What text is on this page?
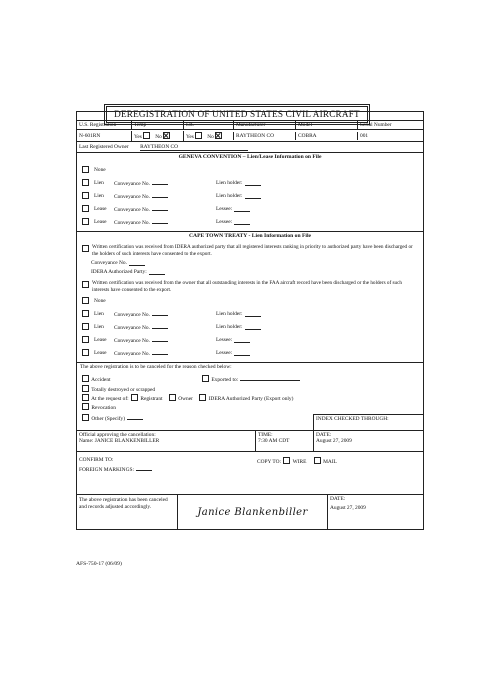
DEREGISTRATION OF UNITED STATES CIVIL AIRCRAFT
U.S. Registration	Temp	I.R.	Manufacturer	Model	Serial Number
N-601RN	Yes No	Yes No	RAYTHEON CO	COBRA	001
Last Registered Owner RAYTHEON CO
GENEVA CONVENTION – Lien/Lease Information on File
None
Lien	Conveyance No.	Lien holder:
Lien	Conveyance No.	Lien holder:
Lease	Conveyance No.	Lessee:
Lease	Conveyance No.	Lessee:
CAPE TOWN TREATY - Lien Information on File
Written certification was received from IDERA authorized party that all registered interests ranking in priority to authorized party have been discharged or the holders of such interests have consented to the export.
Conveyance No.
IDERA Authorized Party:
Written certification was received from the owner that all outstanding interests in the FAA aircraft record have been discharged or the holders of such interests have consented to the export.
None
Lien	Conveyance No.	Lien holder:
Lien	Conveyance No.	Lien holder:
Lease	Conveyance No.	Lessee:
Lease	Conveyance No.	Lessee:
The above registration is to be canceled for the reason checked below:
Accident	Exported to:
Totally destroyed or scrapped
At the request of: Registrant	Owner	IDERA Authorized Party (Export only)
Revocation
Other (Specify)	INDEX CHECKED THROUGH:
Official approving the cancellation:
Name: JANICE BLANKENBILLER
TIME:
7:30 AM CDT
DATE:
August 27, 2009
CONFIRM TO:
FOREIGN MARKINGS:
COPY TO: WIRE	MAIL
The above registration has been canceled and records adjusted accordingly.	Janice Blankenbiller
DATE:
August 27, 2009
AFS-750-17 (06/09)
